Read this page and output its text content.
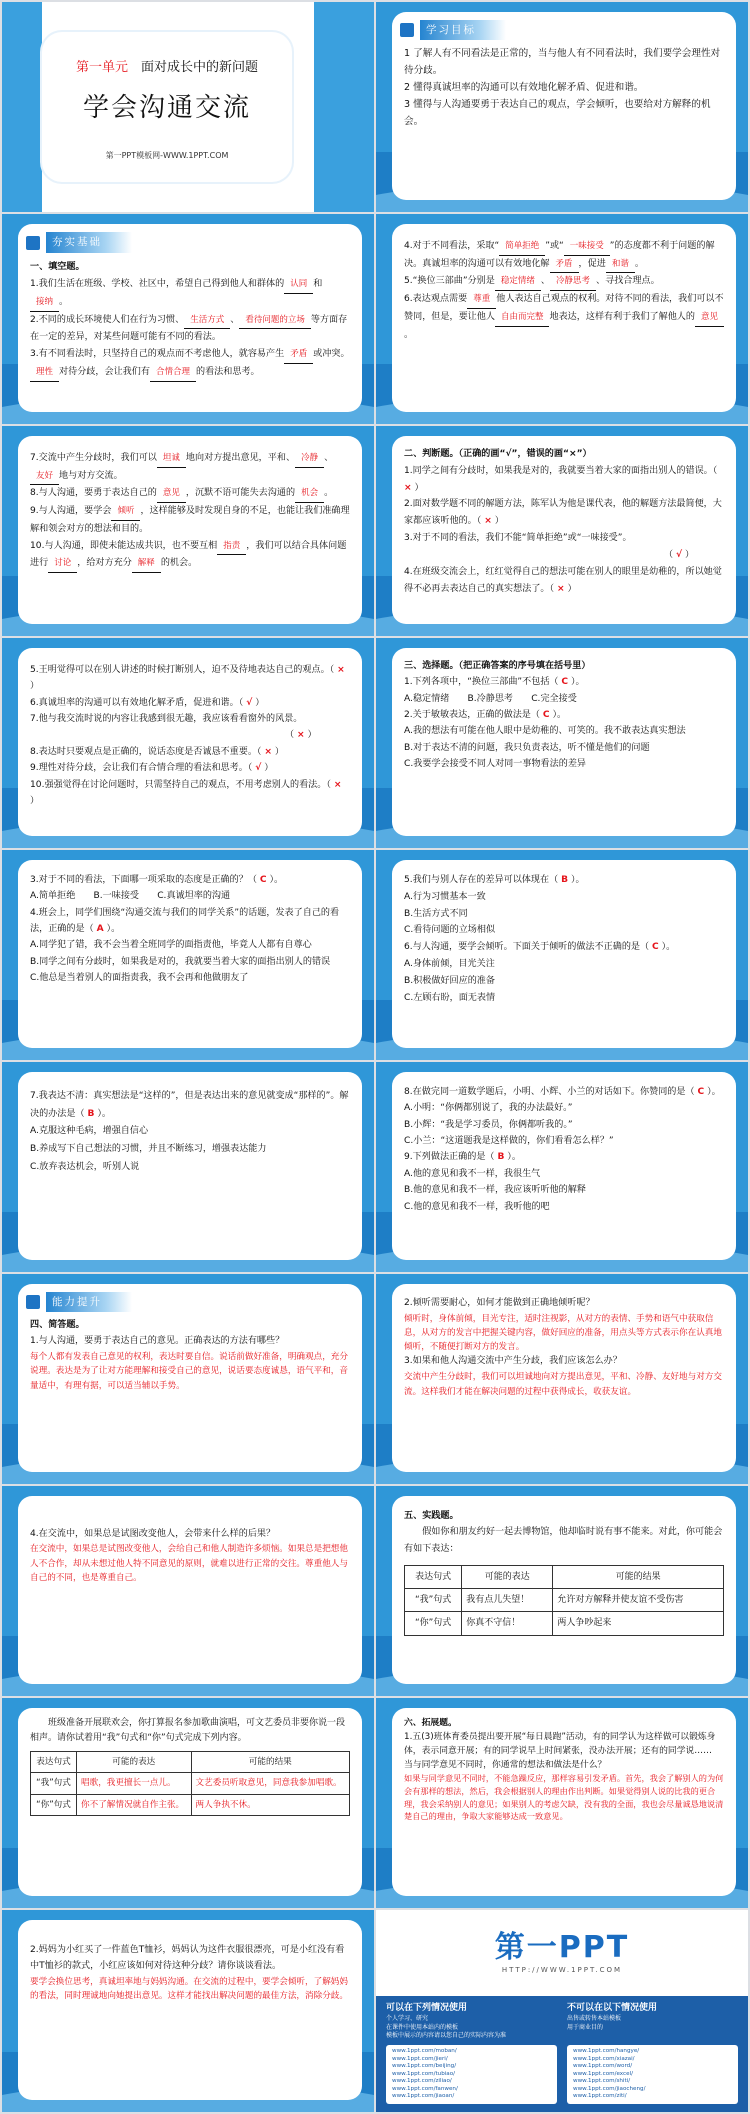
第一单元　 面对成长中的新问题
学会沟通交流
第一PPT模板网-WWW.1PPT.COM
学习目标

1 了解人有不同看法是正常的，当与他人有不同看法时，我们要学会理性对待分歧。

2 懂得真诚坦率的沟通可以有效地化解矛盾、促进和谐。

3 懂得与人沟通要勇于表达自己的观点，学会倾听，也要给对方解释的机会。

夯实基础

一、填空题。

1.我们生活在班级、学校、社区中，希望自己得到他人和群体的 认同 和接纳 。

2.不同的成长环境使人们在行为习惯、 生活方式 、 看待问题的立场 等方面存在一定的差异，对某些问题可能有不同的看法。

3.有不同看法时，只坚持自己的观点而不考虑他人，就容易产生 矛盾 或冲突。理性 对待分歧，会让我们有 合情合理 的看法和思考。

4.对于不同看法，采取“ 简单拒绝 ”或“ 一味接受 ”的态度都不利于问题的解决。真诚坦率的沟通可以有效地化解 矛盾 ，促进 和谐 。

5.“换位三部曲”分别是 稳定情绪 、 冷静思考 、寻找合理点。

6.表达观点需要 尊重 他人表达自己观点的权利。对待不同的看法，我们可以不赞同，但是，要让他人 自由而完整 地表达，这样有利于我们了解他人的 意见。

7.交流中产生分歧时，我们可以 坦诚 地向对方提出意见，平和、 冷静 、友好 地与对方交流。

8.与人沟通，要勇于表达自己的 意见 ，沉默不语可能失去沟通的 机会 。

9.与人沟通，要学会 倾听 ，这样能够及时发现自身的不足，也能让我们准确理解和领会对方的想法和目的。

10.与人沟通，即使未能达成共识，也不要互相 指责 ，我们可以结合具体问题进行 讨论 ，给对方充分 解释 的机会。

二、判断题。（正确的画“√”，错误的画“×”）

1.同学之间有分歧时，如果我是对的，我就要当着大家的面指出别人的错误。（ × ）

2.面对数学题不同的解题方法，陈军认为他是课代表，他的解题方法最简便，大家都应该听他的。（ × ）

3.对于不同的看法，我们不能“简单拒绝”或“一味接受”。
（ √ ）

4.在班级交流会上，红红觉得自己的想法可能在别人的眼里是幼稚的，所以她觉得不必再去表达自己的真实想法了。（ × ）

5.王明觉得可以在别人讲述的时候打断别人，迫不及待地表达自己的观点。（ × ）

6.真诚坦率的沟通可以有效地化解矛盾，促进和谐。（ √ ）

7.他与我交流时说的内容让我感到很无趣，我应该看看窗外的风景。
（ × ）

8.表达时只要观点是正确的，说话态度是否诚恳不重要。（ × ）

9.理性对待分歧，会让我们有合情合理的看法和思考。（ √ ）

10.强强觉得在讨论问题时，只需坚持自己的观点，不用考虑别人的看法。（ × ）

三、选择题。（把正确答案的序号填在括号里）

1.下列各项中，“换位三部曲”不包括（ C ）。

A.稳定情绪　　B.冷静思考　　C.完全接受

2.关于敏敏表达，正确的做法是（ C ）。

A.我的想法有可能在他人眼中是幼稚的、可笑的。我不敢表达真实想法

B.对于表达不清的问题，我只负责表达，听不懂是他们的问题

C.我要学会接受不同人对同一事物看法的差异

3.对于不同的看法，下面哪一项采取的态度是正确的？（ C ）。

A.简单拒绝　　B.一味接受　　C.真诚坦率的沟通

4.班会上，同学们围绕“沟通交流与我们的同学关系”的话题，发表了自己的看法，正确的是（ A ）。

A.同学犯了错，我不会当着全班同学的面指责他，毕竟人人都有自尊心

B.同学之间有分歧时，如果我是对的，我就要当着大家的面指出别人的错误

C.他总是当着别人的面指责我，我不会再和他做朋友了

5.我们与别人存在的差异可以体现在（ B ）。

A.行为习惯基本一致

B.生活方式不同

C.看待问题的立场相似

6.与人沟通，要学会倾听。下面关于倾听的做法不正确的是（ C ）。

A.身体前倾，目光关注

B.积极做好回应的准备

C.左顾右盼，面无表情

7.我表达不清：真实想法是“这样的”，但是表达出来的意见就变成“那样的”。解决的办法是（ B ）。

A.克服这种毛病，增强自信心

B.养成写下自己想法的习惯，并且不断练习，增强表达能力

C.放弃表达机会，听别人说

8.在做完同一道数学题后，小明、小辉、小兰的对话如下。你赞同的是（ C ）。

A.小明：“你俩都别说了，我的办法最好。”

B.小辉：“我是学习委员，你俩都听我的。”

C.小兰：“这道题我是这样做的，你们看看怎么样？”

9.下列做法正确的是（ B ）。

A.他的意见和我不一样，我很生气

B.他的意见和我不一样，我应该听听他的解释

C.他的意见和我不一样，我听他的吧

能力提升

四、简答题。

1.与人沟通，要勇于表达自己的意见。正确表达的方法有哪些？

每个人都有发表自己意见的权利，表达时要自信。说话前做好准备，明确观点，充分说理。表达是为了让对方能理解和接受自己的意见，说话要态度诚恳，语气平和，音量适中，有理有据，可以适当辅以手势。

2.倾听需要耐心，如何才能做到正确地倾听呢？

倾听时，身体前倾，目光专注，适时注视影，从对方的表情、手势和语气中获取信息，从对方的发言中把握关键内容，做好回应的准备，用点头等方式表示你在认真地倾听，不随便打断对方的发言。

3.如果和他人沟通交流中产生分歧，我们应该怎么办？

交流中产生分歧时，我们可以坦诚地向对方提出意见，平和、冷静、友好地与对方交流。这样我们才能在解决问题的过程中获得成长，收获友谊。

4.在交流中，如果总是试图改变他人，会带来什么样的后果？

在交流中，如果总是试图改变他人，会给自己和他人制造许多烦恼。如果总是把想他人不合作，却从未想过他人特不同意见的原则，就难以进行正常的交往。尊重他人与自己的不同，也是尊重自己。

五、实践题。

假如你和朋友约好一起去博物馆，他却临时说有事不能来。对此，你可能会有如下表达：

表达句式	可能的表达	可能的结果
“我”句式	我有点儿失望！	允许对方解释并使友谊不受伤害
“你”句式	你真不守信！	两人争吵起来

班级准备开展联欢会，你打算报名参加歌曲演唱，可文艺委员非要你说一段相声。请你试着用“我”句式和“你”句式完成下列内容。

表达句式	可能的表达	可能的结果
“我”句式	唱歌，我更擅长一点儿。	文艺委员听取意见，同意我参加唱歌。
“你”句式	你不了解情况就自作主张。	两人争执不休。

六、拓展题。

1.五(3)班体育委员提出要开展“每日晨跑”活动，有的同学认为这样做可以锻炼身体，表示同意开展；有的同学说早上时间紧张，没办法开展；还有的同学说……

当与同学意见不同时，你通常的想法和做法是什么？

如果与同学意见不同时，不能急躁反应，那样容易引发矛盾。首先，我会了解别人的为何会有那样的想法，然后，我会根据别人的理由作出判断。如果觉得别人说的比我的更合理，我会采纳别人的意见；如果别人的考虑欠缺，没有我的全面，我也会尽量诚恳地说清楚自己的理由，争取大家能够达成一致意见。

2.妈妈为小红买了一件蓝色T恤衫，妈妈认为这件衣服很漂亮，可是小红没有看中T恤衫的款式，小红应该如何对待这种分歧？请你谈谈看法。

要学会换位思考，真诚坦率地与妈妈沟通。在交流的过程中，要学会倾听，了解妈妈的看法，同时理诚地向她提出意见。这样才能找出解决问题的最佳方法，消除分歧。

第一PPT
HTTP://WWW.1PPT.COM
可以在下列情况使用
个人学习、研究
在课件中使用本站内的模板
模板中展示的内容请以您自己的实际内容为准
不可以在以下情况使用
出售或转售本站模板
用于商业目的
www.1ppt.com/moban/
www.1ppt.com/jieri/
www.1ppt.com/beijing/
www.1ppt.com/tubiao/
www.1ppt.com/ziliao/
www.1ppt.com/fanwen/
www.1ppt.com/jiaoan/
www.1ppt.com/hangye/
www.1ppt.com/xiazai/
www.1ppt.com/word/
www.1ppt.com/excel/
www.1ppt.com/shiti/
www.1ppt.com/jiaocheng/
www.1ppt.com/ziti/
